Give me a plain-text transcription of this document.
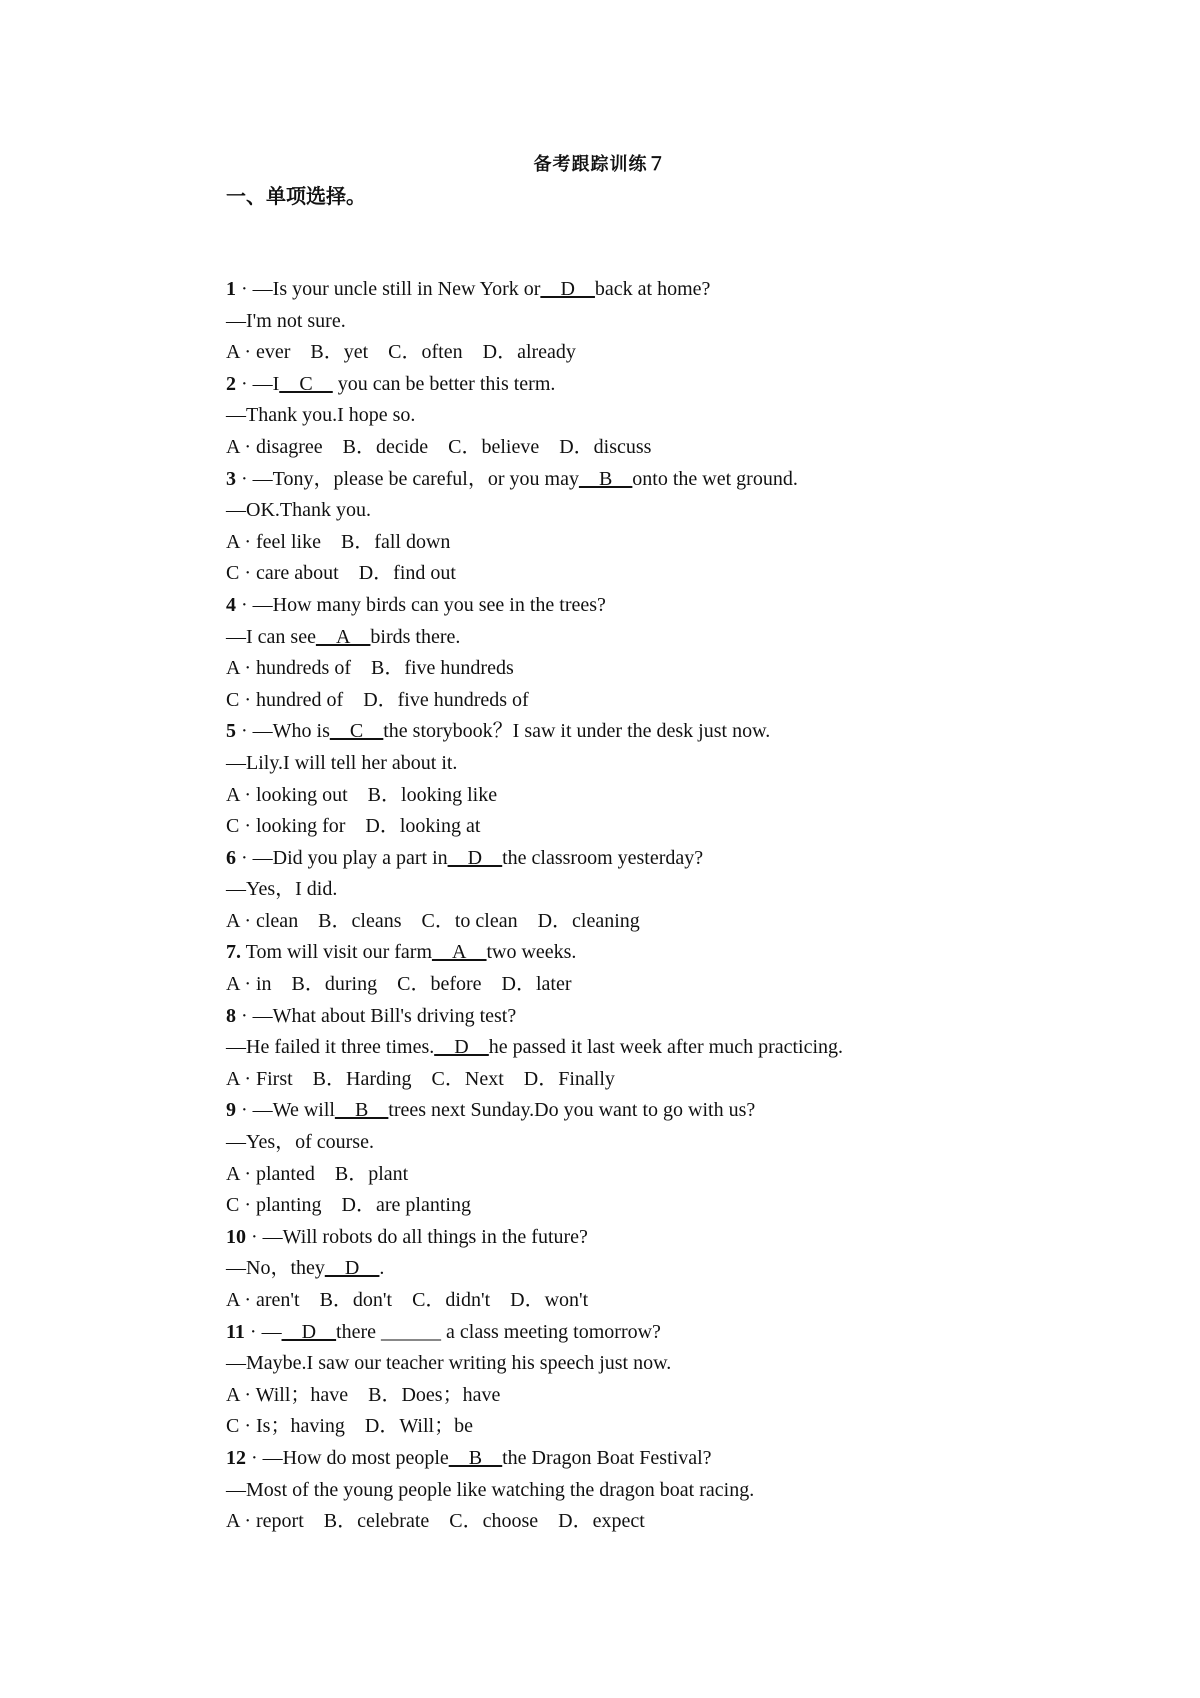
备考跟踪训练７
一、单项选择。
1 · —Is your uncle still in New York or__D__back at home?
—I'm not sure.
A · ever　B．yet　C．often　D．already
2 · —I__C__ you can be better this term.
—Thank you.I hope so.
A · disagree　B．decide　C．believe　D．discuss
3 · —Tony，please be careful，or you may__B__onto the wet ground.
—OK.Thank you.
A · feel like　B．fall down
C · care about　D．find out
4 · —How many birds can you see in the trees?
—I can see__A__birds there.
A · hundreds of　B．five hundreds
C · hundred of　D．five hundreds of
5 · —Who is__C__the storybook？I saw it under the desk just now.
—Lily.I will tell her about it.
A · looking out　B．looking like
C · looking for　D．looking at
6 · —Did you play a part in__D__the classroom yesterday?
—Yes，I did.
A · clean　B．cleans　C．to clean　D．cleaning
7. Tom will visit our farm__A__two weeks.
A · in　B．during　C．before　D．later
8 · —What about Bill's driving test?
—He failed it three times.__D__he passed it last week after much practicing.
A · First　B．Harding　C．Next　D．Finally
9 · —We will__B__trees next Sunday.Do you want to go with us?
—Yes，of course.
A · planted　B．plant
C · planting　D．are planting
10 · —Will robots do all things in the future?
—No，they__D__.
A · aren't　B．don't　C．didn't　D．won't
11 · —__D__there ______ a class meeting tomorrow?
—Maybe.I saw our teacher writing his speech just now.
A · Will；have　B．Does；have
C · Is；having　D．Will；be
12 · —How do most people__B__the Dragon Boat Festival?
—Most of the young people like watching the dragon boat racing.
A · report　B．celebrate　C．choose　D．expect
